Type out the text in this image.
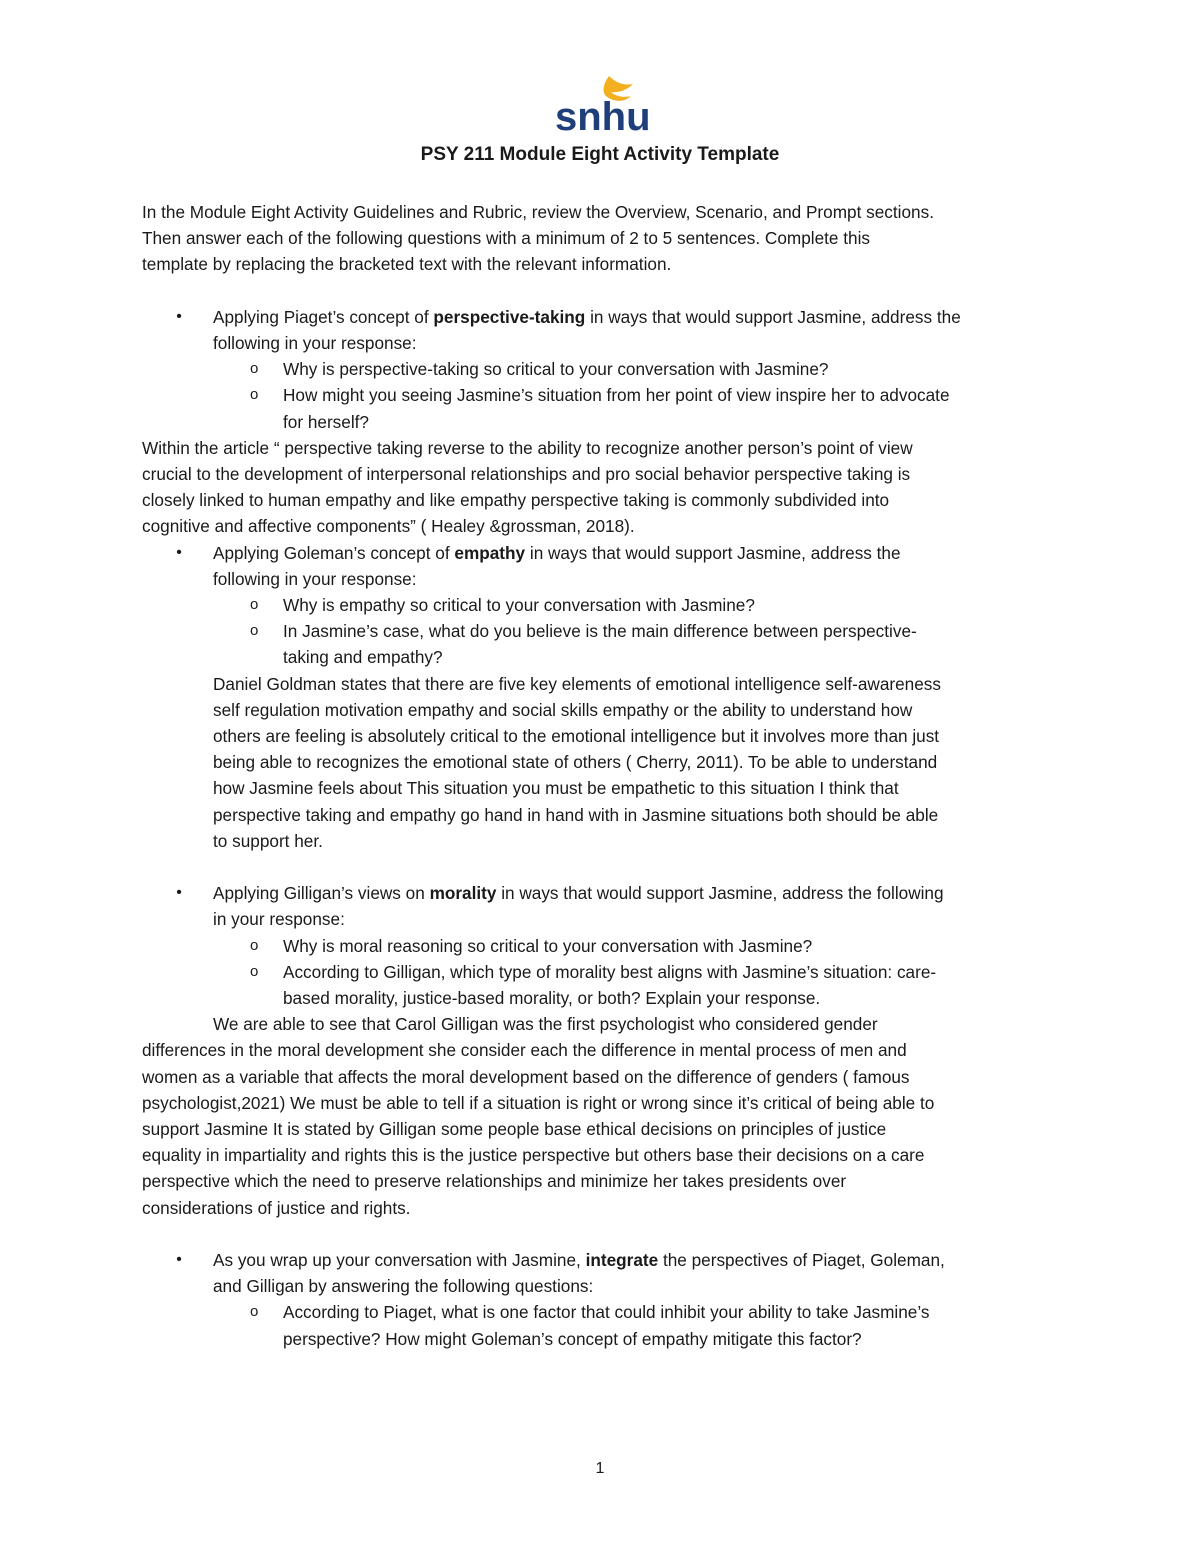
snhu
PSY 211 Module Eight Activity Template

In the Module Eight Activity Guidelines and Rubric, review the Overview, Scenario, and Prompt sections.

Then answer each of the following questions with a minimum of 2 to 5 sentences. Complete this

template by replacing the bracketed text with the relevant information.

• Applying Piaget’s concept of perspective-taking in ways that would support Jasmine, address the

following in your response:

o Why is perspective-taking so critical to your conversation with Jasmine?
o How might you seeing Jasmine’s situation from her point of view inspire her to advocate

for herself?

Within the article “ perspective taking reverse to the ability to recognize another person’s point of view

crucial to the development of interpersonal relationships and pro social behavior perspective taking is

closely linked to human empathy and like empathy perspective taking is commonly subdivided into

cognitive and affective components” ( Healey &grossman, 2018).

• Applying Goleman’s concept of empathy in ways that would support Jasmine, address the

following in your response:

o Why is empathy so critical to your conversation with Jasmine?
o In Jasmine’s case, what do you believe is the main difference between perspective-

taking and empathy?

Daniel Goldman states that there are five key elements of emotional intelligence self-awareness

self regulation motivation empathy and social skills empathy or the ability to understand how

others are feeling is absolutely critical to the emotional intelligence but it involves more than just

being able to recognizes the emotional state of others ( Cherry, 2011). To be able to understand

how Jasmine feels about This situation you must be empathetic to this situation I think that

perspective taking and empathy go hand in hand with in Jasmine situations both should be able

to support her.

• Applying Gilligan’s views on morality in ways that would support Jasmine, address the following

in your response:

o Why is moral reasoning so critical to your conversation with Jasmine?
o According to Gilligan, which type of morality best aligns with Jasmine’s situation: care-

based morality, justice-based morality, or both? Explain your response.

We are able to see that Carol Gilligan was the first psychologist who considered gender

differences in the moral development she consider each the difference in mental process of men and

women as a variable that affects the moral development based on the difference of genders ( famous

psychologist,2021) We must be able to tell if a situation is right or wrong since it’s critical of being able to

support Jasmine It is stated by Gilligan some people base ethical decisions on principles of justice

equality in impartiality and rights this is the justice perspective but others base their decisions on a care

perspective which the need to preserve relationships and minimize her takes presidents over

considerations of justice and rights.

• As you wrap up your conversation with Jasmine, integrate the perspectives of Piaget, Goleman,

and Gilligan by answering the following questions:

o According to Piaget, what is one factor that could inhibit your ability to take Jasmine’s

perspective? How might Goleman’s concept of empathy mitigate this factor?

1
